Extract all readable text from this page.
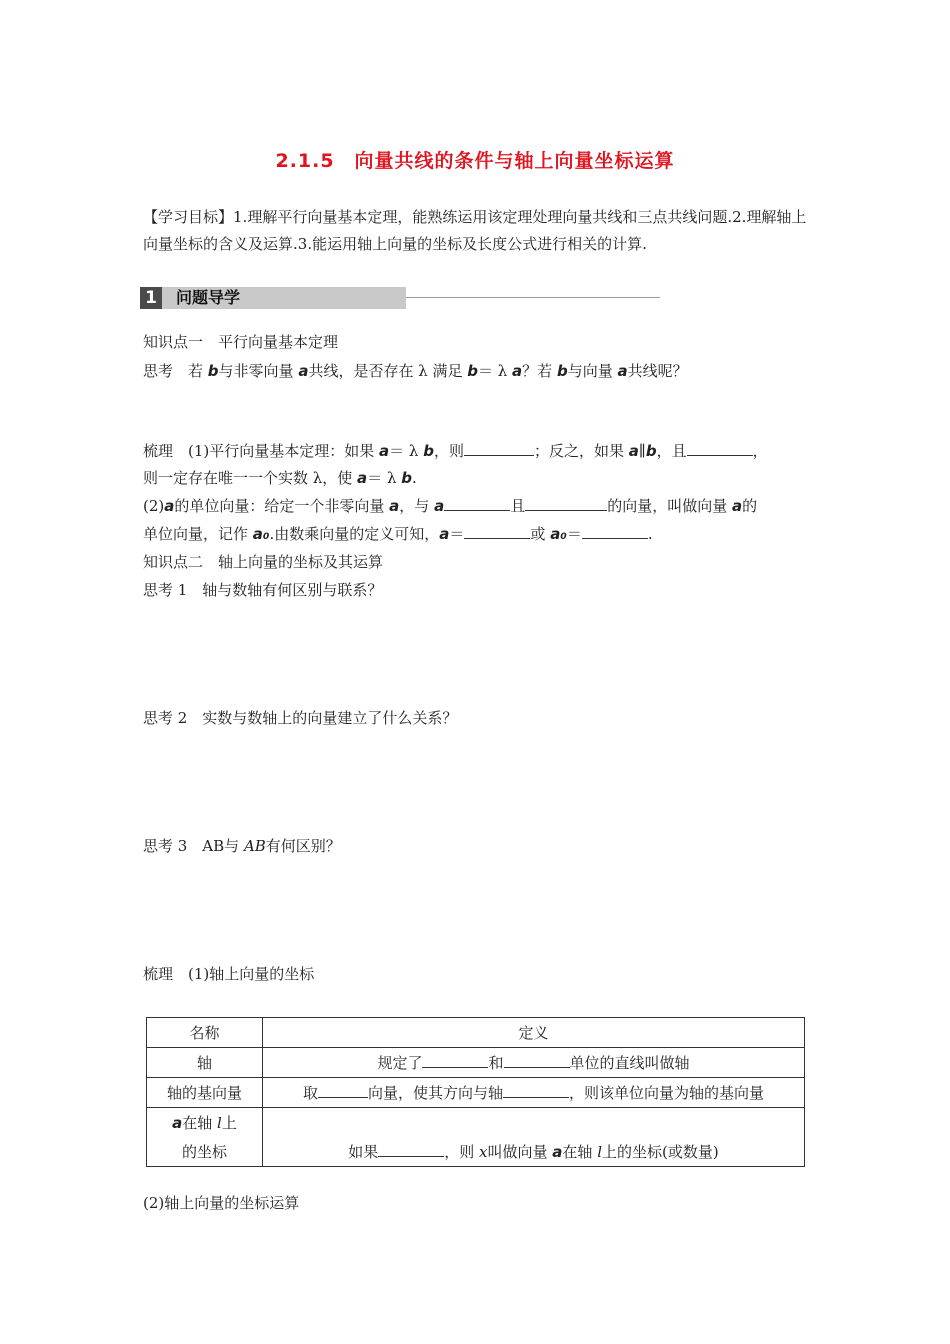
2.1.5　向量共线的条件与轴上向量坐标运算
【学习目标】1.理解平行向量基本定理，能熟练运用该定理处理向量共线和三点共线问题.2.理解轴上向量坐标的含义及运算.3.能运用轴上向量的坐标及长度公式进行相关的计算.
1	问题导学
知识点一　平行向量基本定理
思考　若 b与非零向量 a共线，是否存在 λ 满足 b＝ λ a？若 b与向量 a共线呢？
梳理　(1)平行向量基本定理：如果 a＝ λ b，则	；反之，如果 a∥b，且	，
则一定存在唯一一个实数 λ，使 a＝ λ b.
(2)a的单位向量：给定一个非零向量 a，与 a	且	的向量，叫做向量 a的
单位向量，记作 a₀.由数乘向量的定义可知，a＝	或 a₀＝	.
知识点二　轴上向量的坐标及其运算
思考 1　轴与数轴有何区别与联系？
思考 2　实数与数轴上的向量建立了什么关系？
思考 3　AB与 AB有何区别？
梳理　(1)轴上向量的坐标
名称	定义
轴	规定了 和 单位的直线叫做轴
轴的基向量	取 向量，使其方向与轴 ，则该单位向量为轴的基向量
a在轴 l上	
的坐标	如果 ，则 x叫做向量 a在轴 l上的坐标(或数量)
(2)轴上向量的坐标运算
